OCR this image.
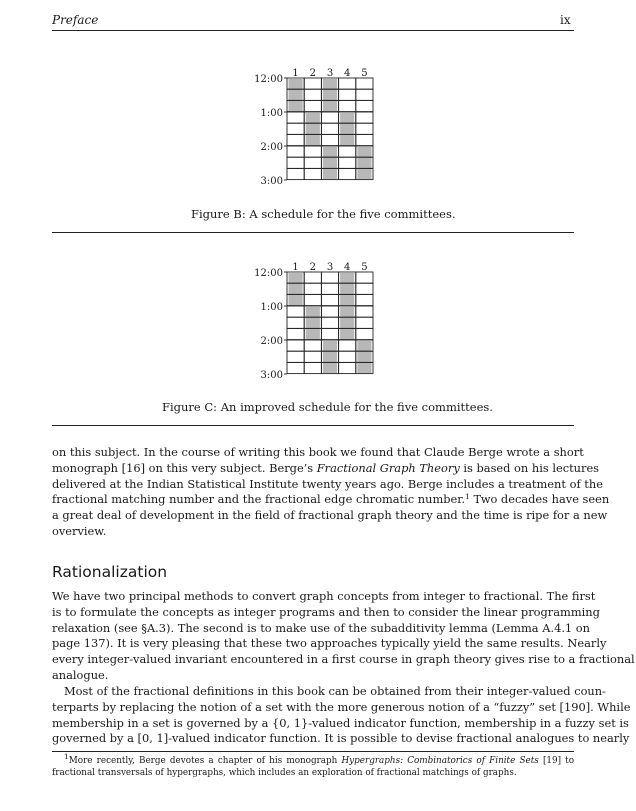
Preface	ix
1 2 3 4 5
12:00
1:00
2:00
3:00
1 2 3 4 5
12:00
1:00
2:00
3:00
Figure B: A schedule for the five committees.
Figure C: An improved schedule for the five committees.
on this subject. In the course of writing this book we found that Claude Berge wrote a short
monograph [16] on this very subject. Berge’s Fractional Graph Theory is based on his lectures
delivered at the Indian Statistical Institute twenty years ago. Berge includes a treatment of the
fractional matching number and the fractional edge chromatic number.$^1$ Two decades have seen
a great deal of development in the field of fractional graph theory and the time is ripe for a new
overview.
Rationalization
We have two principal methods to convert graph concepts from integer to fractional. The first
is to formulate the concepts as integer programs and then to consider the linear programming
relaxation (see §A.3). The second is to make use of the subadditivity lemma (Lemma A.4.1 on
page 137). It is very pleasing that these two approaches typically yield the same results. Nearly
every integer-valued invariant encountered in a first course in graph theory gives rise to a fractional
analogue.
Most of the fractional definitions in this book can be obtained from their integer-valued coun-
terparts by replacing the notion of a set with the more generous notion of a “fuzzy” set [190]. While
membership in a set is governed by a {0, 1}-valued indicator function, membership in a fuzzy set is
governed by a [0, 1]-valued indicator function. It is possible to devise fractional analogues to nearly
$^1$More recently, Berge devotes a chapter of his monograph Hypergraphs: Combinatorics of Finite Sets [19] to
fractional transversals of hypergraphs, which includes an exploration of fractional matchings of graphs.
